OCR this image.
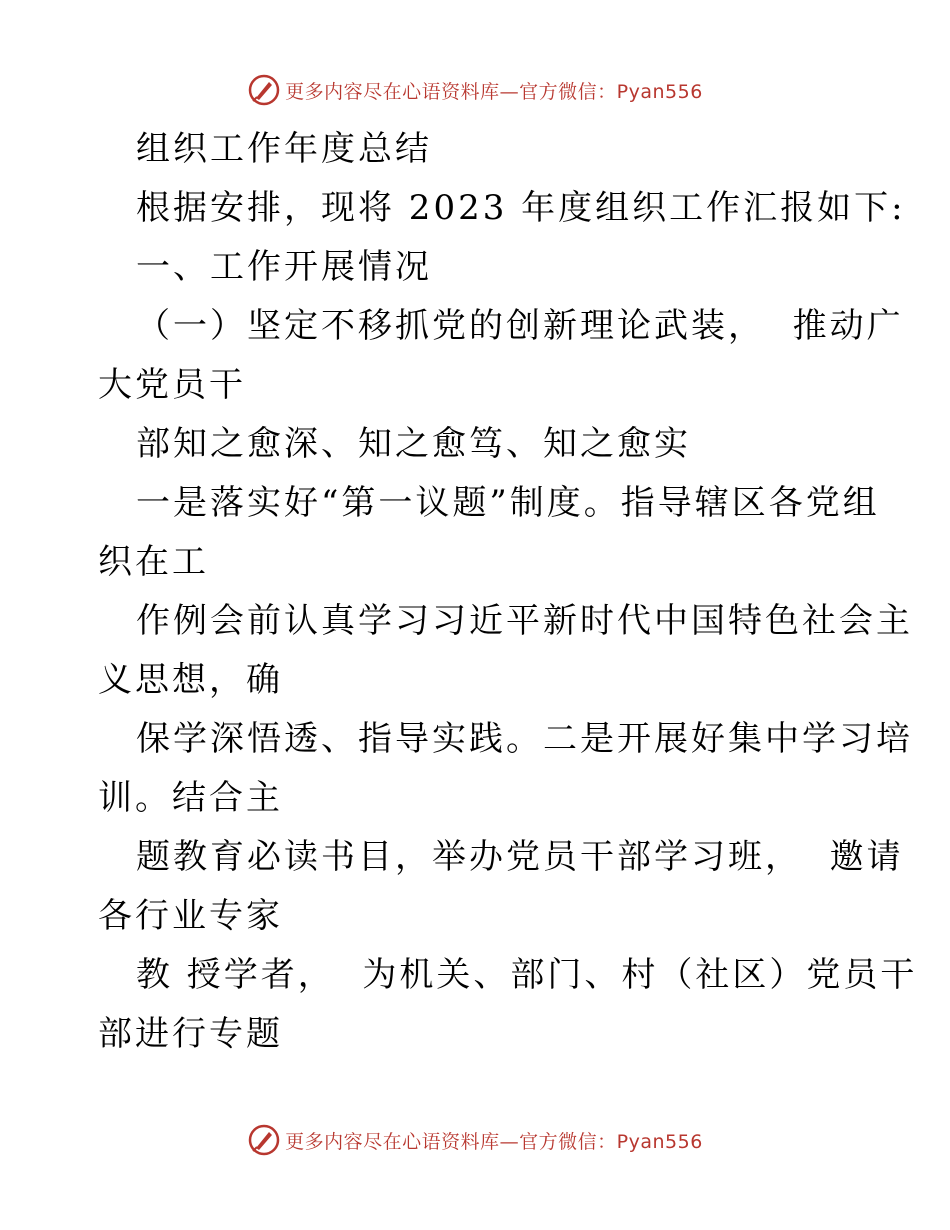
更多内容尽在心语资料库—官方微信：Pyan556
组织工作年度总结
根据安排，现将 2023 年度组织工作汇报如下:
一、工作开展情况
（一）坚定不移抓党的创新理论武装，  推动广
大党员干
部知之愈深、知之愈笃、知之愈实
一是落实好“第一议题”制度。指导辖区各党组
织在工
作例会前认真学习习近平新时代中国特色社会主
义思想，确
保学深悟透、指导实践。二是开展好集中学习培
训。结合主
题教育必读书目，举办党员干部学习班，  邀请
各行业专家
教 授学者，  为机关、部门、村（社区）党员干
部进行专题
更多内容尽在心语资料库—官方微信：Pyan556
